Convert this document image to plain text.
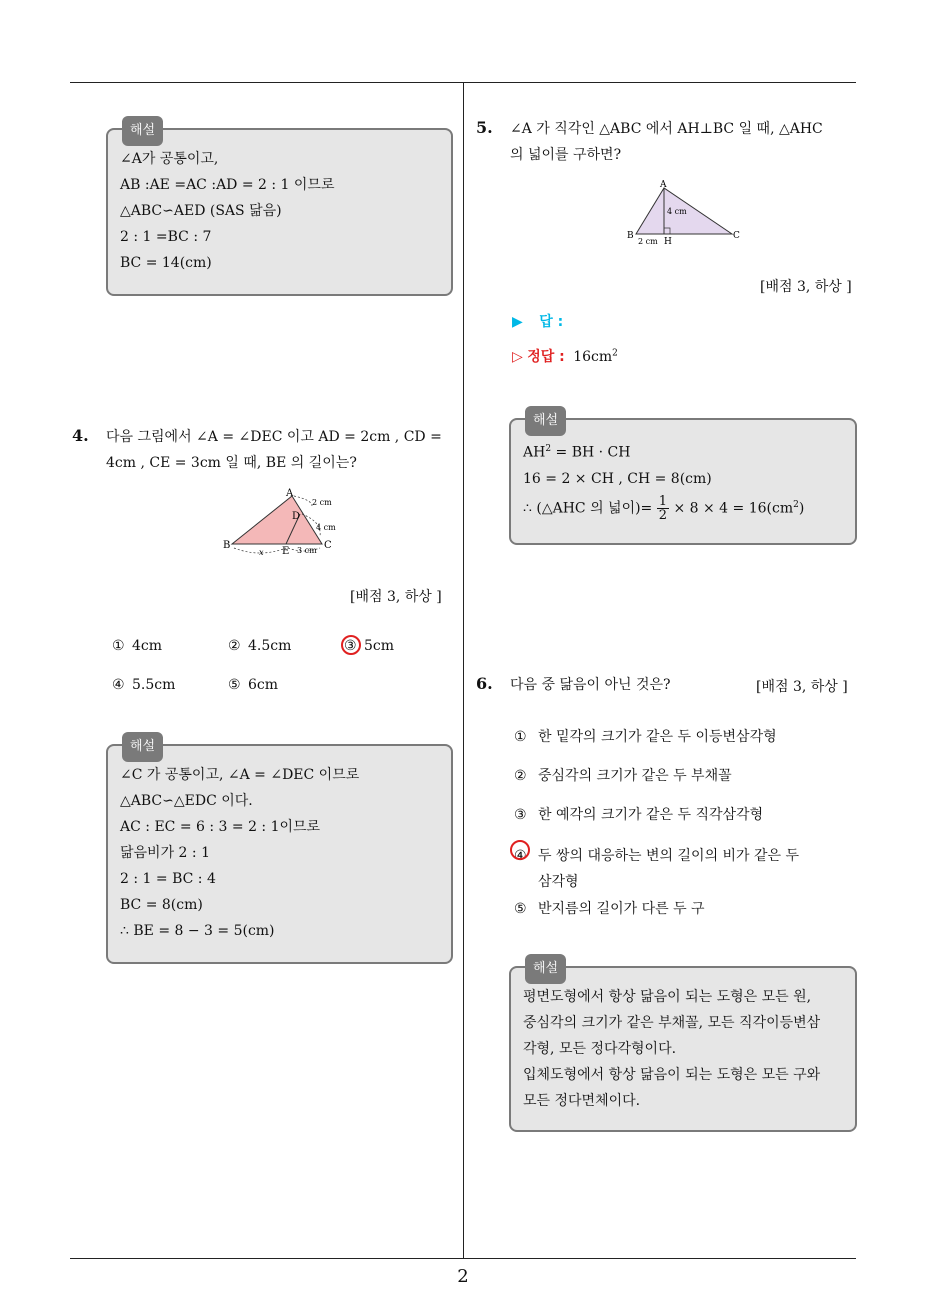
해설
∠A가 공통이고,
AB :AE =AC :AD = 2 : 1 이므로
△ABC∽AED (SAS 닮음)
2 : 1 =BC : 7
BC = 14(cm)
4. 다음 그림에서 ∠A = ∠DEC 이고 AD = 2cm , CD =
4cm , CE = 3cm 일 때, BE 의 길이는?
A
D
B
E
C
2 cm
4 cm
3 cm
x
[배점 3, 하상 ]
① 4cm	② 4.5cm	③ 5cm
④ 5.5cm	⑤ 6cm
해설
∠C 가 공통이고, ∠A = ∠DEC 이므로
△ABC∽△EDC 이다.
AC : EC = 6 : 3 = 2 : 1이므로
닮음비가 2 : 1
2 : 1 = BC : 4
BC = 8(cm)
∴ BE = 8 − 3 = 5(cm)
5. ∠A 가 직각인 △ABC 에서 AH⊥BC 일 때, △AHC
의 넓이를 구하면?
A
B
H
C
4 cm
2 cm
[배점 3, 하상 ]
▶ 답 :
▷ 정답 : $16cm^2$
해설
$AH^2$ = BH · CH
16 = 2 × CH , CH = 8(cm)
∴ (△AHC 의 넓이)= $\frac{1}{2} \times 8 \times 4 = 16(cm^2)$
6. 다음 중 닮음이 아닌 것은?	[배점 3, 하상 ]
① 한 밑각의 크기가 같은 두 이등변삼각형
② 중심각의 크기가 같은 두 부채꼴
③ 한 예각의 크기가 같은 두 직각삼각형
④ 두 쌍의 대응하는 변의 길이의 비가 같은 두
삼각형
⑤ 반지름의 길이가 다른 두 구
해설
평면도형에서 항상 닮음이 되는 도형은 모든 원,
중심각의 크기가 같은 부채꼴, 모든 직각이등변삼
각형, 모든 정다각형이다.
입체도형에서 항상 닮음이 되는 도형은 모든 구와
모든 정다면체이다.
2
